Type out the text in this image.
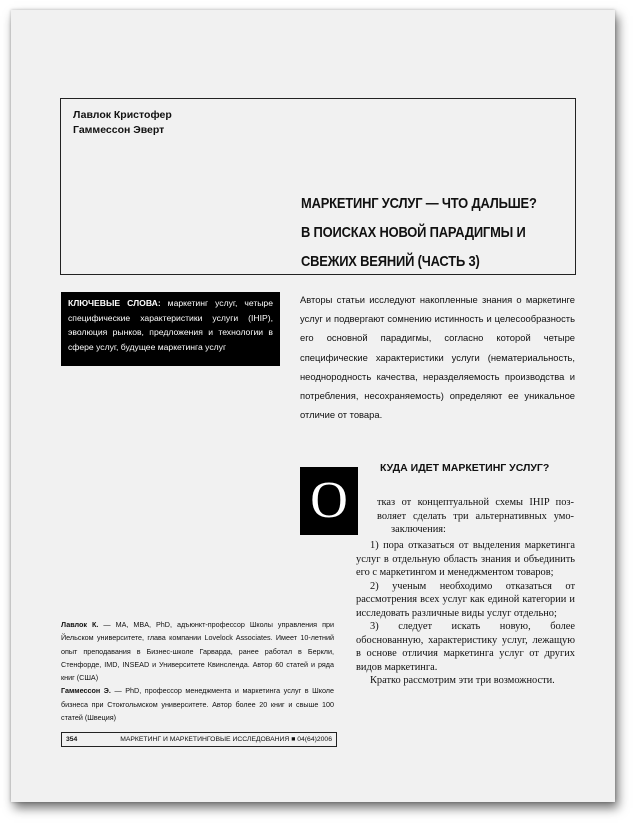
Лавлок Кристофер
Гаммессон Эверт
МАРКЕТИНГ УСЛУГ — ЧТО ДАЛЬШЕ?
В ПОИСКАХ НОВОЙ ПАРАДИГМЫ И
СВЕЖИХ ВЕЯНИЙ (ЧАСТЬ 3)
КЛЮЧЕВЫЕ СЛОВА: маркетинг услуг, четыре специфические характеристики услуги (IHIP), эволюция рынков, предложения и технологии в сфере услуг, будущее маркетинга услуг
Авторы статьи исследуют накопленные знания о маркетинге услуг и подвергают сомнению истинность и целесообразность его основной парадигмы, согласно которой четыре специфические характеристики услуги (нематериальность, неоднородность качества, неразделяемость производства и потребления, несохраняемость) определяют ее уникальное отличие от товара.
О
КУДА ИДЕТ МАРКЕТИНГ УСЛУГ?
тказ от концептуальной схемы IHIP поз-
воляет сделать три альтернативных умо-
заключения:

1) пора отказаться от выделения маркетинга услуг в отдельную область знания и объединить его с маркетингом и менеджментом товаров;

2) ученым необходимо отказаться от рассмотрения всех услуг как единой категории и исследовать различные виды услуг отдельно;

3) следует искать новую, более обоснованную, характеристику услуг, лежащую в основе отличия маркетинга услуг от других видов маркетинга.

Кратко рассмотрим эти три возможности.

Лавлок К. — MA, MBA, PhD, адъюнкт-профессор Школы управления при Йельском университете, глава компании Lovelock Associates. Имеет 10-летний опыт преподавания в Бизнес-школе Гарварда, ранее работал в Беркли, Стенфорде, IMD, INSEAD и Университете Квинсленда. Автор 60 статей и ряда книг (США)

Гаммессон Э. — PhD, профессор менеджмента и маркетинга услуг в Школе бизнеса при Стокгольмском университете. Автор более 20 книг и свыше 100 статей (Швеция)

354	МАРКЕТИНГ И МАРКЕТИНГОВЫЕ ИССЛЕДОВАНИЯ ■ 04(64)2006
